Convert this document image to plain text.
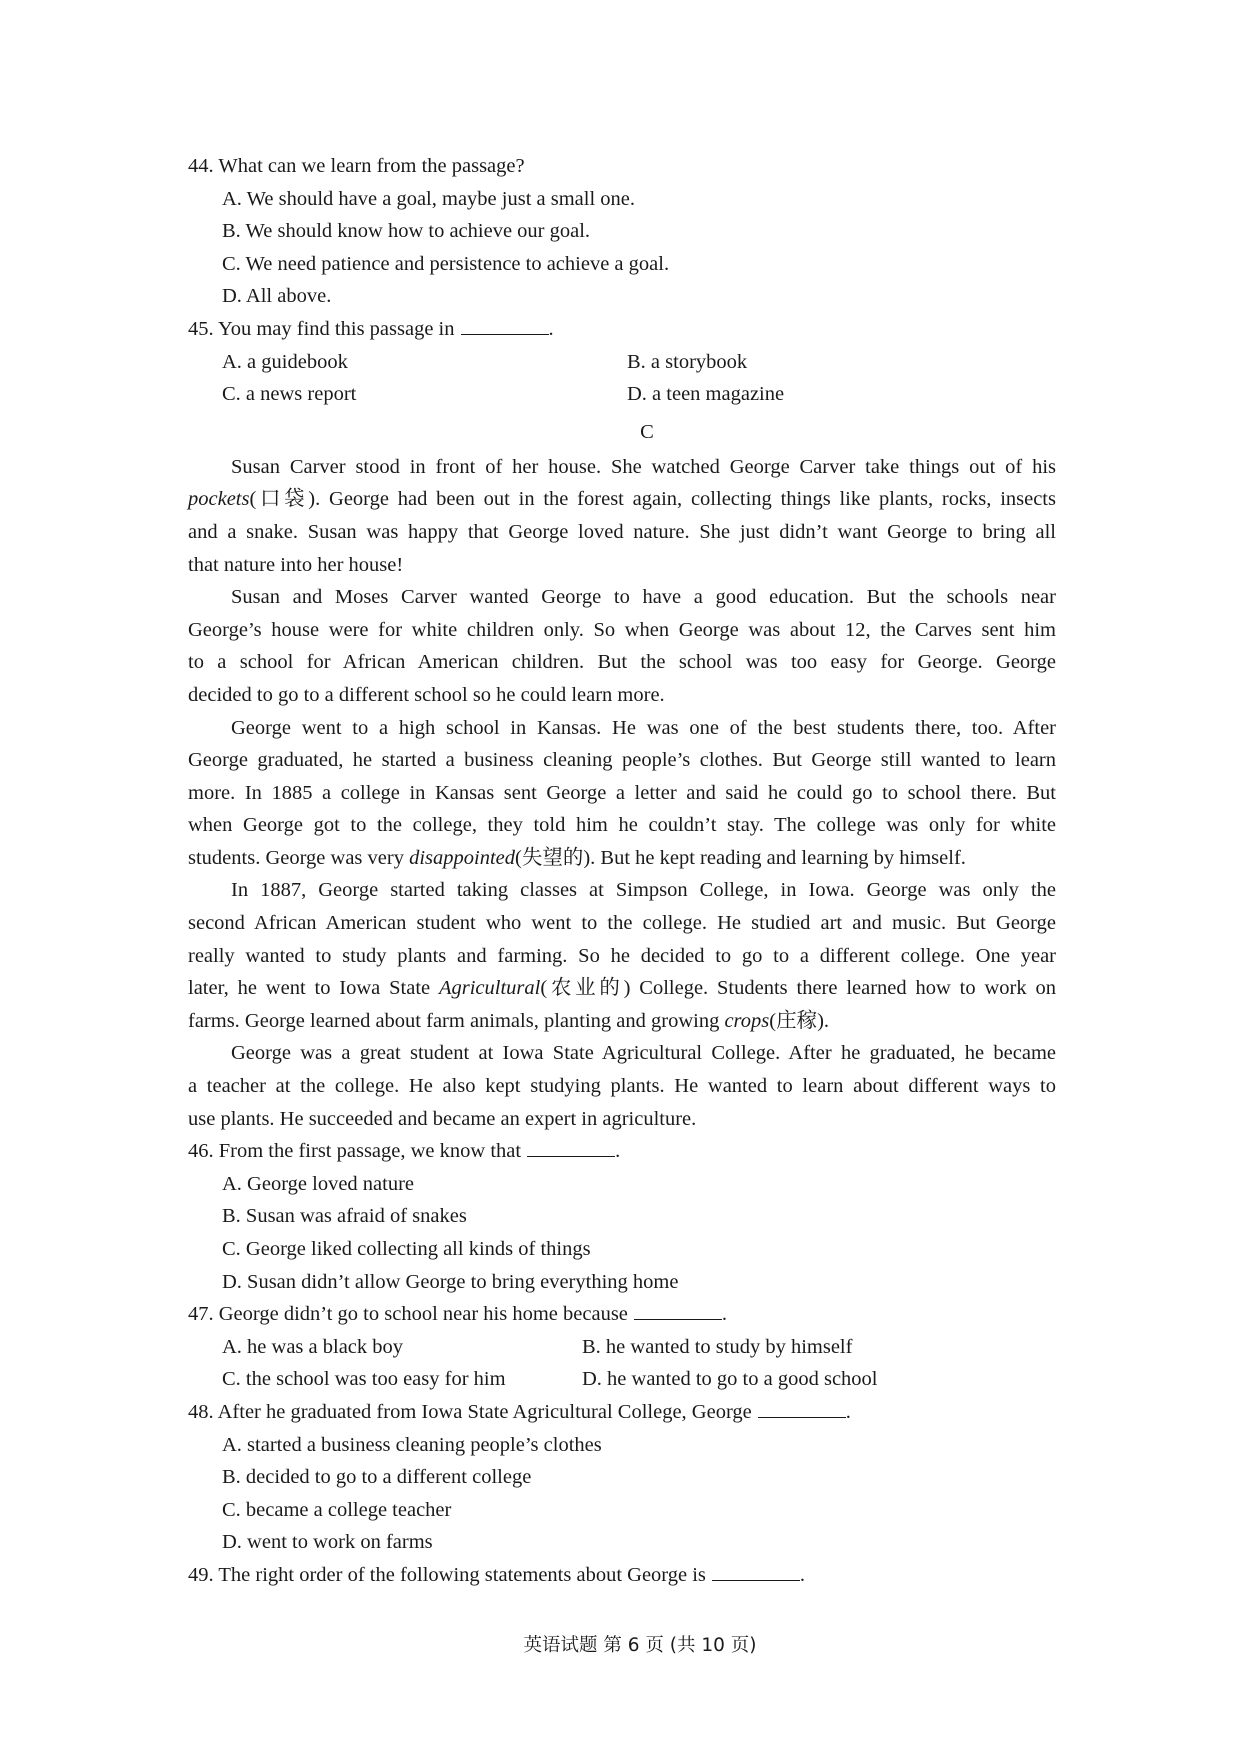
44. What can we learn from the passage?
A. We should have a goal, maybe just a small one.
B. We should know how to achieve our goal.
C. We need patience and persistence to achieve a goal.
D. All above.
45. You may find this passage in	.
A. a guidebook	B. a storybook
C. a news report	D. a teen magazine
C
Susan Carver stood in front of her house. She watched George Carver take things out of his
pockets(口袋). George had been out in the forest again, collecting things like plants, rocks, insects
and a snake. Susan was happy that George loved nature. She just didn’t want George to bring all
that nature into her house!
Susan and Moses Carver wanted George to have a good education. But the schools near
George’s house were for white children only. So when George was about 12, the Carves sent him
to a school for African American children. But the school was too easy for George. George
decided to go to a different school so he could learn more.
George went to a high school in Kansas. He was one of the best students there, too. After
George graduated, he started a business cleaning people’s clothes. But George still wanted to learn
more. In 1885 a college in Kansas sent George a letter and said he could go to school there. But
when George got to the college, they told him he couldn’t stay. The college was only for white
students. George was very disappointed(失望的). But he kept reading and learning by himself.
In 1887, George started taking classes at Simpson College, in Iowa. George was only the
second African American student who went to the college. He studied art and music. But George
really wanted to study plants and farming. So he decided to go to a different college. One year
later, he went to Iowa State Agricultural(农业的) College. Students there learned how to work on
farms. George learned about farm animals, planting and growing crops(庄稼).
George was a great student at Iowa State Agricultural College. After he graduated, he became
a teacher at the college. He also kept studying plants. He wanted to learn about different ways to
use plants. He succeeded and became an expert in agriculture.
46. From the first passage, we know that	.
A. George loved nature
B. Susan was afraid of snakes
C. George liked collecting all kinds of things
D. Susan didn’t allow George to bring everything home
47. George didn’t go to school near his home because	.
A. he was a black boy	B. he wanted to study by himself
C. the school was too easy for him	D. he wanted to go to a good school
48. After he graduated from Iowa State Agricultural College, George	.
A. started a business cleaning people’s clothes
B. decided to go to a different college
C. became a college teacher
D. went to work on farms
49. The right order of the following statements about George is	.
英语试题 第 6 页 (共 10 页)
